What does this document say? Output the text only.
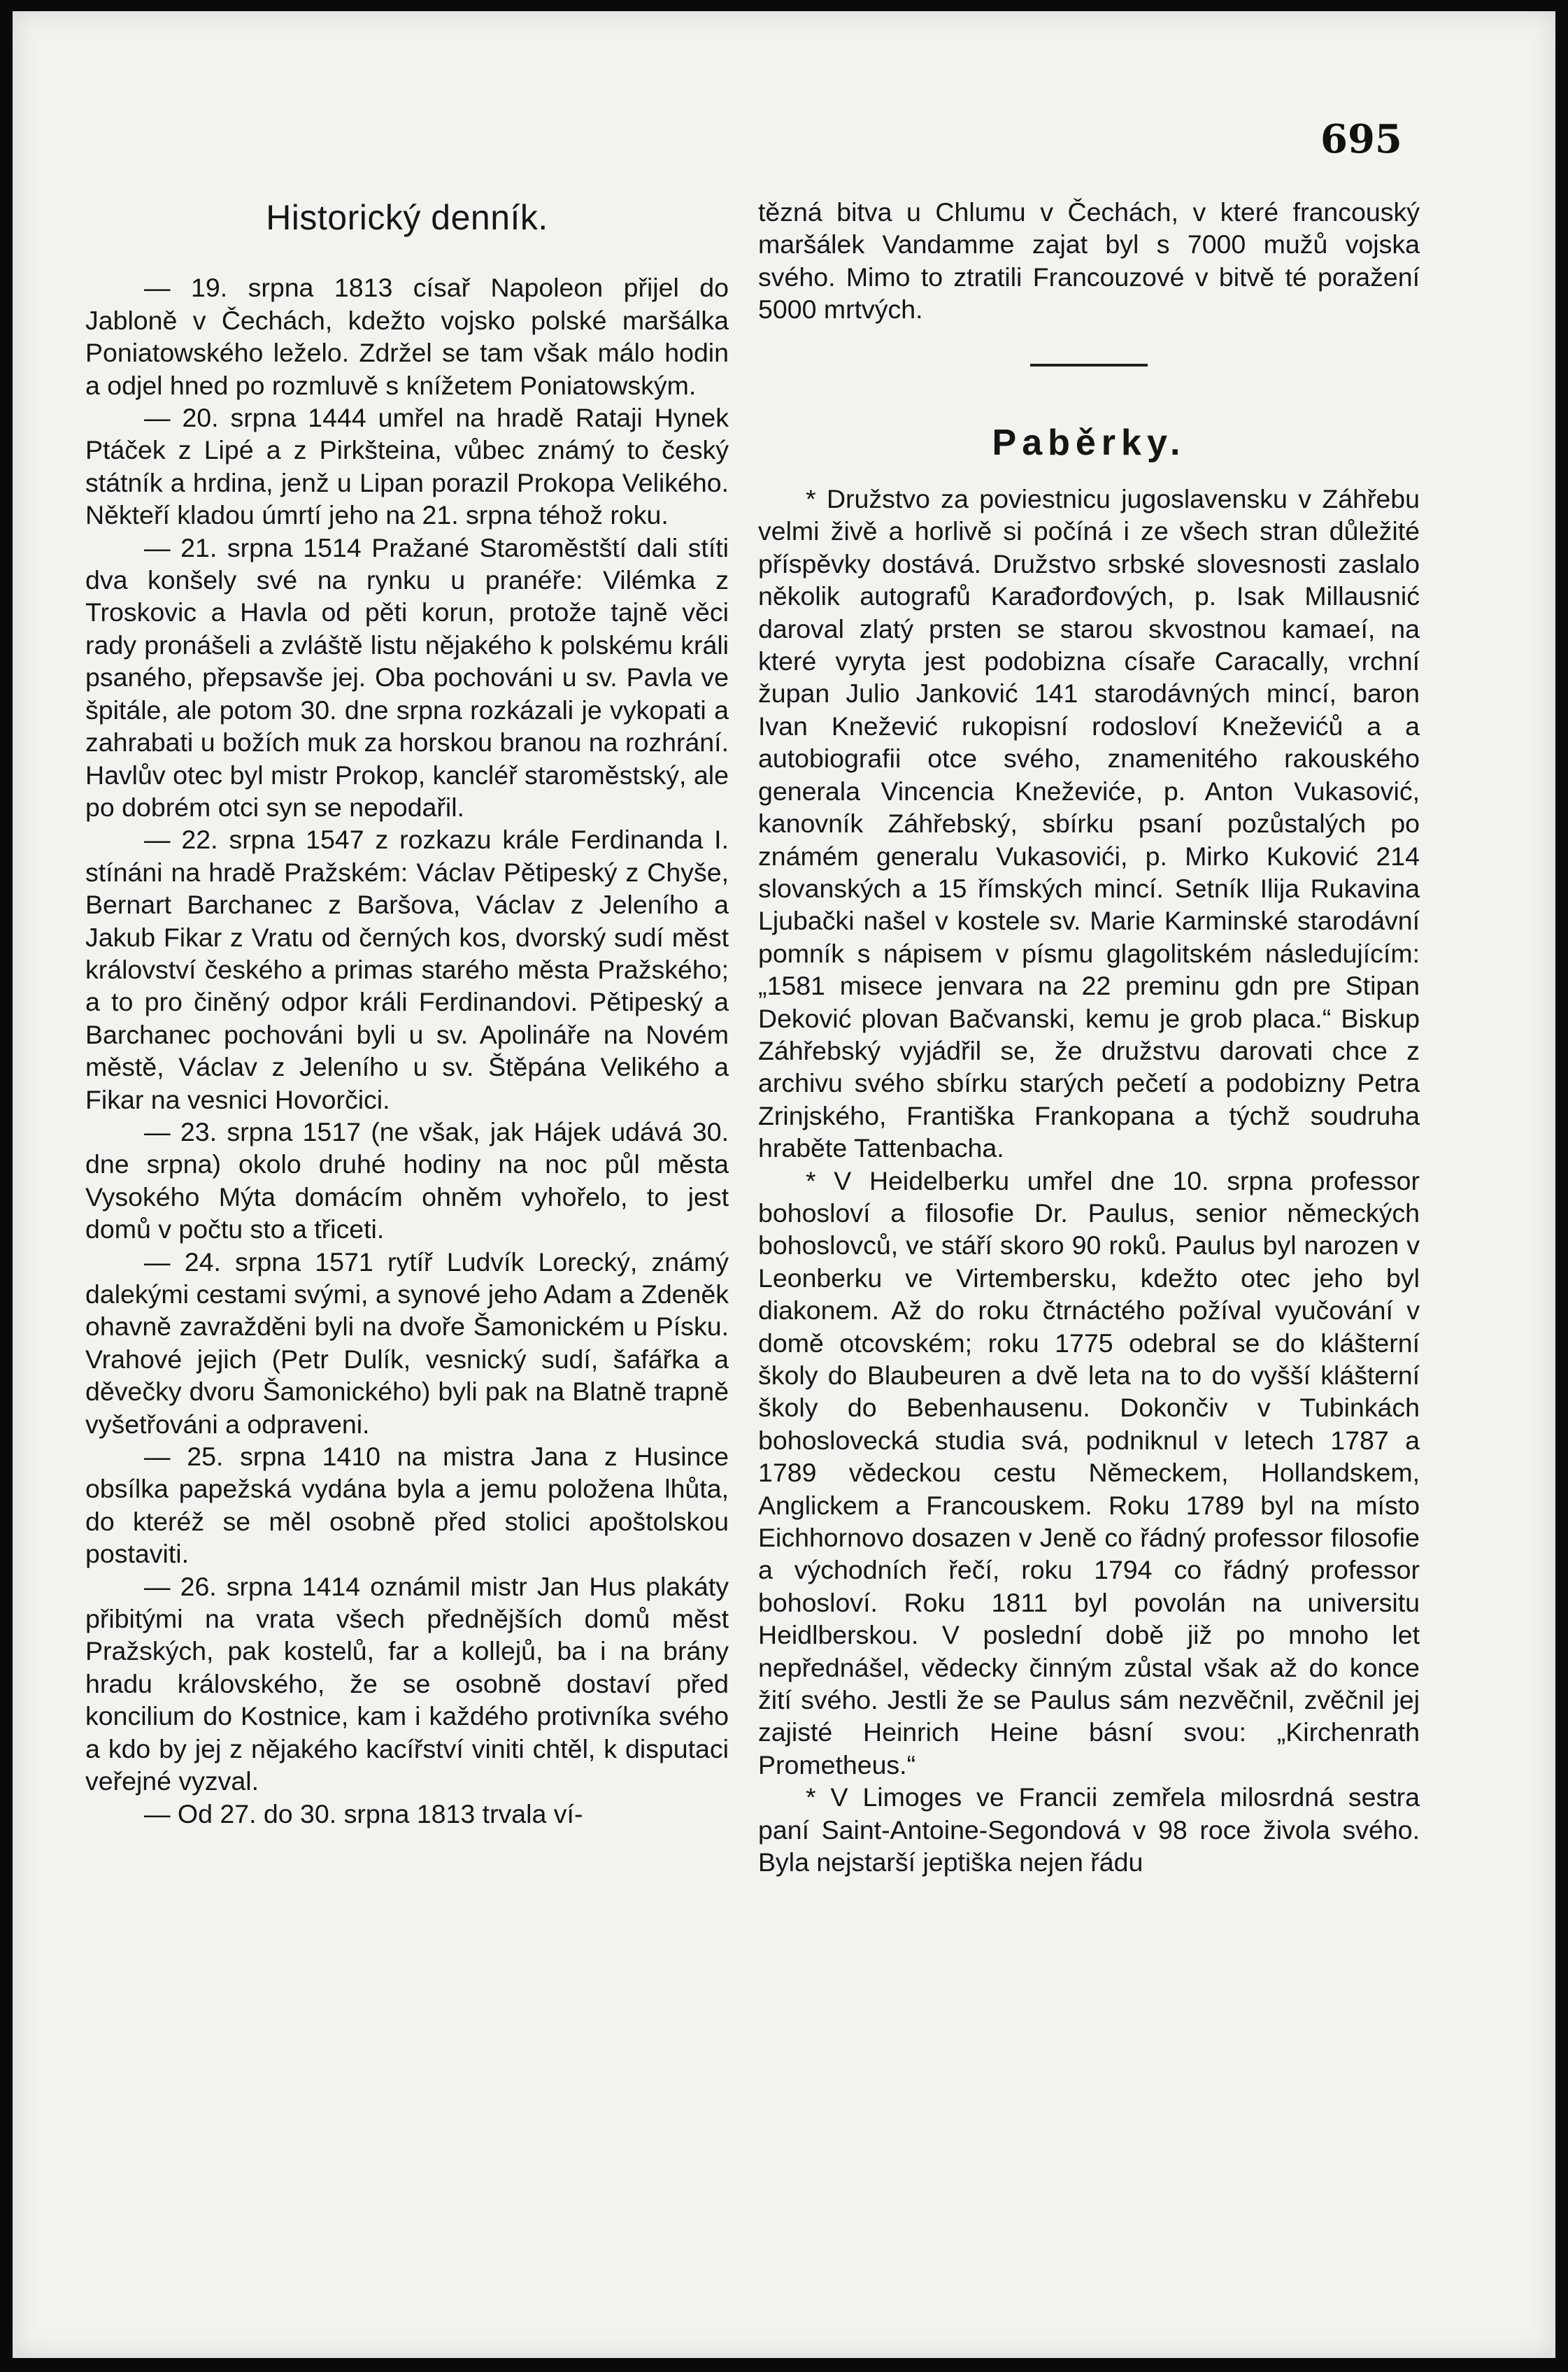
695
Historický denník.

— 19. srpna 1813 císař Napoleon přijel do Jabloně v Čechách, kdežto vojsko polské maršálka Poniatowského leželo. Zdržel se tam však málo hodin a odjel hned po rozmluvě s knížetem Poniatowským.

— 20. srpna 1444 umřel na hradě Rataji Hynek Ptáček z Lipé a z Pirkšteina, vůbec známý to český státník a hrdina, jenž u Lipan porazil Prokopa Velikého. Někteří kladou úmrtí jeho na 21. srpna téhož roku.

— 21. srpna 1514 Pražané Staroměstští dali stíti dva konšely své na rynku u pranéře: Vilémka z Troskovic a Havla od pěti korun, protože tajně věci rady pronášeli a zvláště listu nějakého k polskému králi psaného, přepsavše jej. Oba pochováni u sv. Pavla ve špitále, ale potom 30. dne srpna rozkázali je vykopati a zahrabati u božích muk za horskou branou na rozhrání. Havlův otec byl mistr Prokop, kancléř staroměstský, ale po dobrém otci syn se nepodařil.

— 22. srpna 1547 z rozkazu krále Ferdinanda I. stínáni na hradě Pražském: Václav Pětipeský z Chyše, Bernart Barchanec z Baršova, Václav z Jeleního a Jakub Fikar z Vratu od černých kos, dvorský sudí měst království českého a primas starého města Pražského; a to pro činěný odpor králi Ferdinandovi. Pětipeský a Barchanec pochováni byli u sv. Apolináře na Novém městě, Václav z Jeleního u sv. Štěpána Velikého a Fikar na vesnici Hovorčici.

— 23. srpna 1517 (ne však, jak Hájek udává 30. dne srpna) okolo druhé hodiny na noc půl města Vysokého Mýta domácím ohněm vyhořelo, to jest domů v počtu sto a třiceti.

— 24. srpna 1571 rytíř Ludvík Lorecký, známý dalekými cestami svými, a synové jeho Adam a Zdeněk ohavně zavražděni byli na dvoře Šamonickém u Písku. Vrahové jejich (Petr Dulík, vesnický sudí, šafářka a děvečky dvoru Šamonického) byli pak na Blatně trapně vyšetřováni a odpraveni.

— 25. srpna 1410 na mistra Jana z Husince obsílka papežská vydána byla a jemu položena lhůta, do kteréž se měl osobně před stolici apoštolskou postaviti.

— 26. srpna 1414 oznámil mistr Jan Hus plakáty přibitými na vrata všech přednějších domů měst Pražských, pak kostelů, far a kollejů, ba i na brány hradu královského, že se osobně dostaví před koncilium do Kostnice, kam i každého protivníka svého a kdo by jej z nějakého kacířství viniti chtěl, k disputaci veřejné vyzval.

— Od 27. do 30. srpna 1813 trvala ví-

tězná bitva u Chlumu v Čechách, v které francouský maršálek Vandamme zajat byl s 7000 mužů vojska svého. Mimo to ztratili Francouzové v bitvě té poražení 5000 mrtvých.

Paběrky.

* Družstvo za poviestnicu jugoslavensku v Záhřebu velmi živě a horlivě si počíná i ze všech stran důležité příspěvky dostává. Družstvo srbské slovesnosti zaslalo několik autografů Karađorđových, p. Isak Millausnić daroval zlatý prsten se starou skvostnou kamaeí, na které vyryta jest podobizna císaře Caracally, vrchní župan Julio Janković 141 starodávných mincí, baron Ivan Knežević rukopisní rodosloví Kneževićů a a autobiografii otce svého, znamenitého rakouského generala Vincencia Kneževiće, p. Anton Vukasović, kanovník Záhřebský, sbírku psaní pozůstalých po známém generalu Vukasovići, p. Mirko Kuković 214 slovanských a 15 římských mincí. Setník Ilija Rukavina Ljubački našel v kostele sv. Marie Karminské starodávní pomník s nápisem v písmu glagolitském následujícím: „1581 misece jenvara na 22 preminu gdn pre Stipan Deković plovan Bačvanski, kemu je grob placa.“ Biskup Záhřebský vyjádřil se, že družstvu darovati chce z archivu svého sbírku starých pečetí a podobizny Petra Zrinjského, Františka Frankopana a týchž soudruha hraběte Tattenbacha.

* V Heidelberku umřel dne 10. srpna professor bohosloví a filosofie Dr. Paulus, senior německých bohoslovců, ve stáří skoro 90 roků. Paulus byl narozen v Leonberku ve Virtembersku, kdežto otec jeho byl diakonem. Až do roku čtrnáctého požíval vyučování v domě otcovském; roku 1775 odebral se do klášterní školy do Blaubeuren a dvě leta na to do vyšší klášterní školy do Bebenhausenu. Dokončiv v Tubinkách bohoslovecká studia svá, podniknul v letech 1787 a 1789 vědeckou cestu Německem, Hollandskem, Anglickem a Francouskem. Roku 1789 byl na místo Eichhornovo dosazen v Jeně co řádný professor filosofie a východních řečí, roku 1794 co řádný professor bohosloví. Roku 1811 byl povolán na universitu Heidlberskou. V poslední době již po mnoho let nepřednášel, vědecky činným zůstal však až do konce žití svého. Jestli že se Paulus sám nezvěčnil, zvěčnil jej zajisté Heinrich Heine básní svou: „Kirchenrath Prometheus.“

* V Limoges ve Francii zemřela milosrdná sestra paní Saint-Antoine-Segondová v 98 roce živola svého. Byla nejstarší jeptiška nejen řádu
